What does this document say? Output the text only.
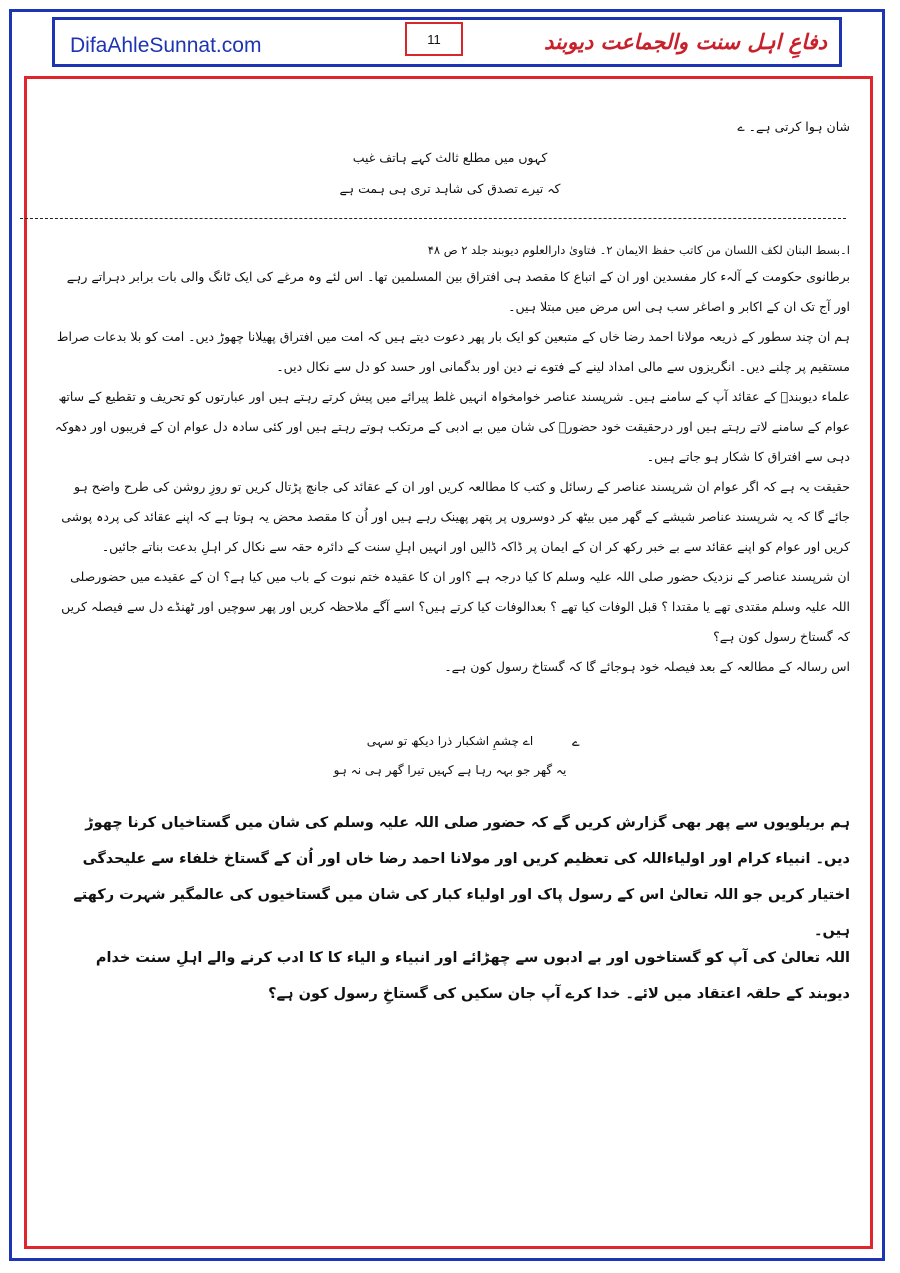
DifaAhleSunnat.com	11	دفاعِ اہل سنت والجماعت دیوبند
شان ہوا کرتی ہے۔ ے
کہوں میں مطلع ثالث کہے ہاتف غیب
کہ تیرے تصدق کی شاہد تری ہی ہمت ہے
ا۔بسط البنان لکف اللسان من کاتب حفظ الایمان ۲۔ فتاویٰ دارالعلوم دیوبند جلد ۲ ص ۴۸

برطانوی حکومت کے آلہء کار مفسدین اور ان کے اتباع کا مقصد ہی افتراق بین المسلمین تھا۔ اس لئے وہ مرغے کی ایک ٹانگ والی بات برابر دہراتے رہے اور آج تک ان کے اکابر و اصاغر سب ہی اس مرض میں مبتلا ہیں۔

ہم ان چند سطور کے ذریعہ مولانا احمد رضا خاں کے متبعین کو ایک بار پھر دعوت دیتے ہیں کہ امت میں افتراق پھیلانا چھوڑ دیں۔ امت کو بلا بدعات صراط مستقیم پر چلنے دیں۔ انگریزوں سے مالی امداد لینے کے فتوے نے دین اور بدگمانی اور حسد کو دل سے نکال دیں۔

علماء دیوبندؒ کے عقائد آپ کے سامنے ہیں۔ شرپسند عناصر خوامخواہ انہیں غلط پیرائے میں پیش کرتے رہتے ہیں اور عبارتوں کو تحریف و تقطیع کے ساتھ عوام کے سامنے لاتے رہتے ہیں اور درحقیقت خود حضورؐ کی شان میں بے ادبی کے مرتکب ہوتے رہتے ہیں اور کئی سادہ دل عوام ان کے فریبوں اور دھوکہ دہی سے افتراق کا شکار ہو جاتے ہیں۔

حقیقت یہ ہے کہ اگر عوام ان شرپسند عناصر کے رسائل و کتب کا مطالعہ کریں اور ان کے عقائد کی جانچ پڑتال کریں تو روزِ روشن کی طرح واضح ہو جائے گا کہ یہ شرپسند عناصر شیشے کے گھر میں بیٹھ کر دوسروں پر پتھر پھینک رہے ہیں اور اُن کا مقصد محض یہ ہوتا ہے کہ اپنے عقائد کی پردہ پوشی کریں اور عوام کو اپنے عقائد سے بے خبر رکھ کر ان کے ایمان پر ڈاکہ ڈالیں اور انہیں اہلِ سنت کے دائرہ حقہ سے نکال کر اہلِ بدعت بناتے جائیں۔

ان شرپسند عناصر کے نزدیک حضور صلی اللہ علیہ وسلم کا کیا درجہ ہے ؟اور ان کا عقیدہ ختم نبوت کے باب میں کیا ہے؟ ان کے عقیدے میں حضورصلی اللہ علیہ وسلم مقتدی تھے یا مقتدا ؟ قبل الوفات کیا تھے ؟ بعدالوفات کیا کرتے ہیں؟ اسے آگے ملاحظہ کریں اور پھر سوچیں اور ٹھنڈے دل سے فیصلہ کریں کہ گستاخ رسول کون ہے؟

اس رسالہ کے مطالعہ کے بعد فیصلہ خود ہوجائے گا کہ گستاخ رسول کون ہے۔

ے
اے چشمِ اشکبار ذرا دیکھ تو سہی
یہ گھر جو بہہ رہا ہے کہیں تیرا گھر ہی نہ ہو
ہم بریلویوں سے پھر بھی گزارش کریں گے کہ حضور صلی اللہ علیہ وسلم کی شان میں گستاخیاں کرنا چھوڑ دیں۔ انبیاء کرام اور اولیاءاللہ کی تعظیم کریں اور مولانا احمد رضا خاں اور اُن کے گستاخ خلفاء سے علیحدگی اختیار کریں جو اللہ تعالیٰ اس کے رسول پاک اور اولیاء کبار کی شان میں گستاخیوں کی عالمگیر شہرت رکھتے ہیں۔
اللہ تعالیٰ کی آپ کو گستاخوں اور بے ادبوں سے چھڑائے اور انبیاء و الیاء کا کا ادب کرنے والے اہلِ سنت خدام دیوبند کے حلقہ اعتقاد میں لائے۔ خدا کرے آپ جان سکیں کی گستاخِ رسول کون ہے؟
